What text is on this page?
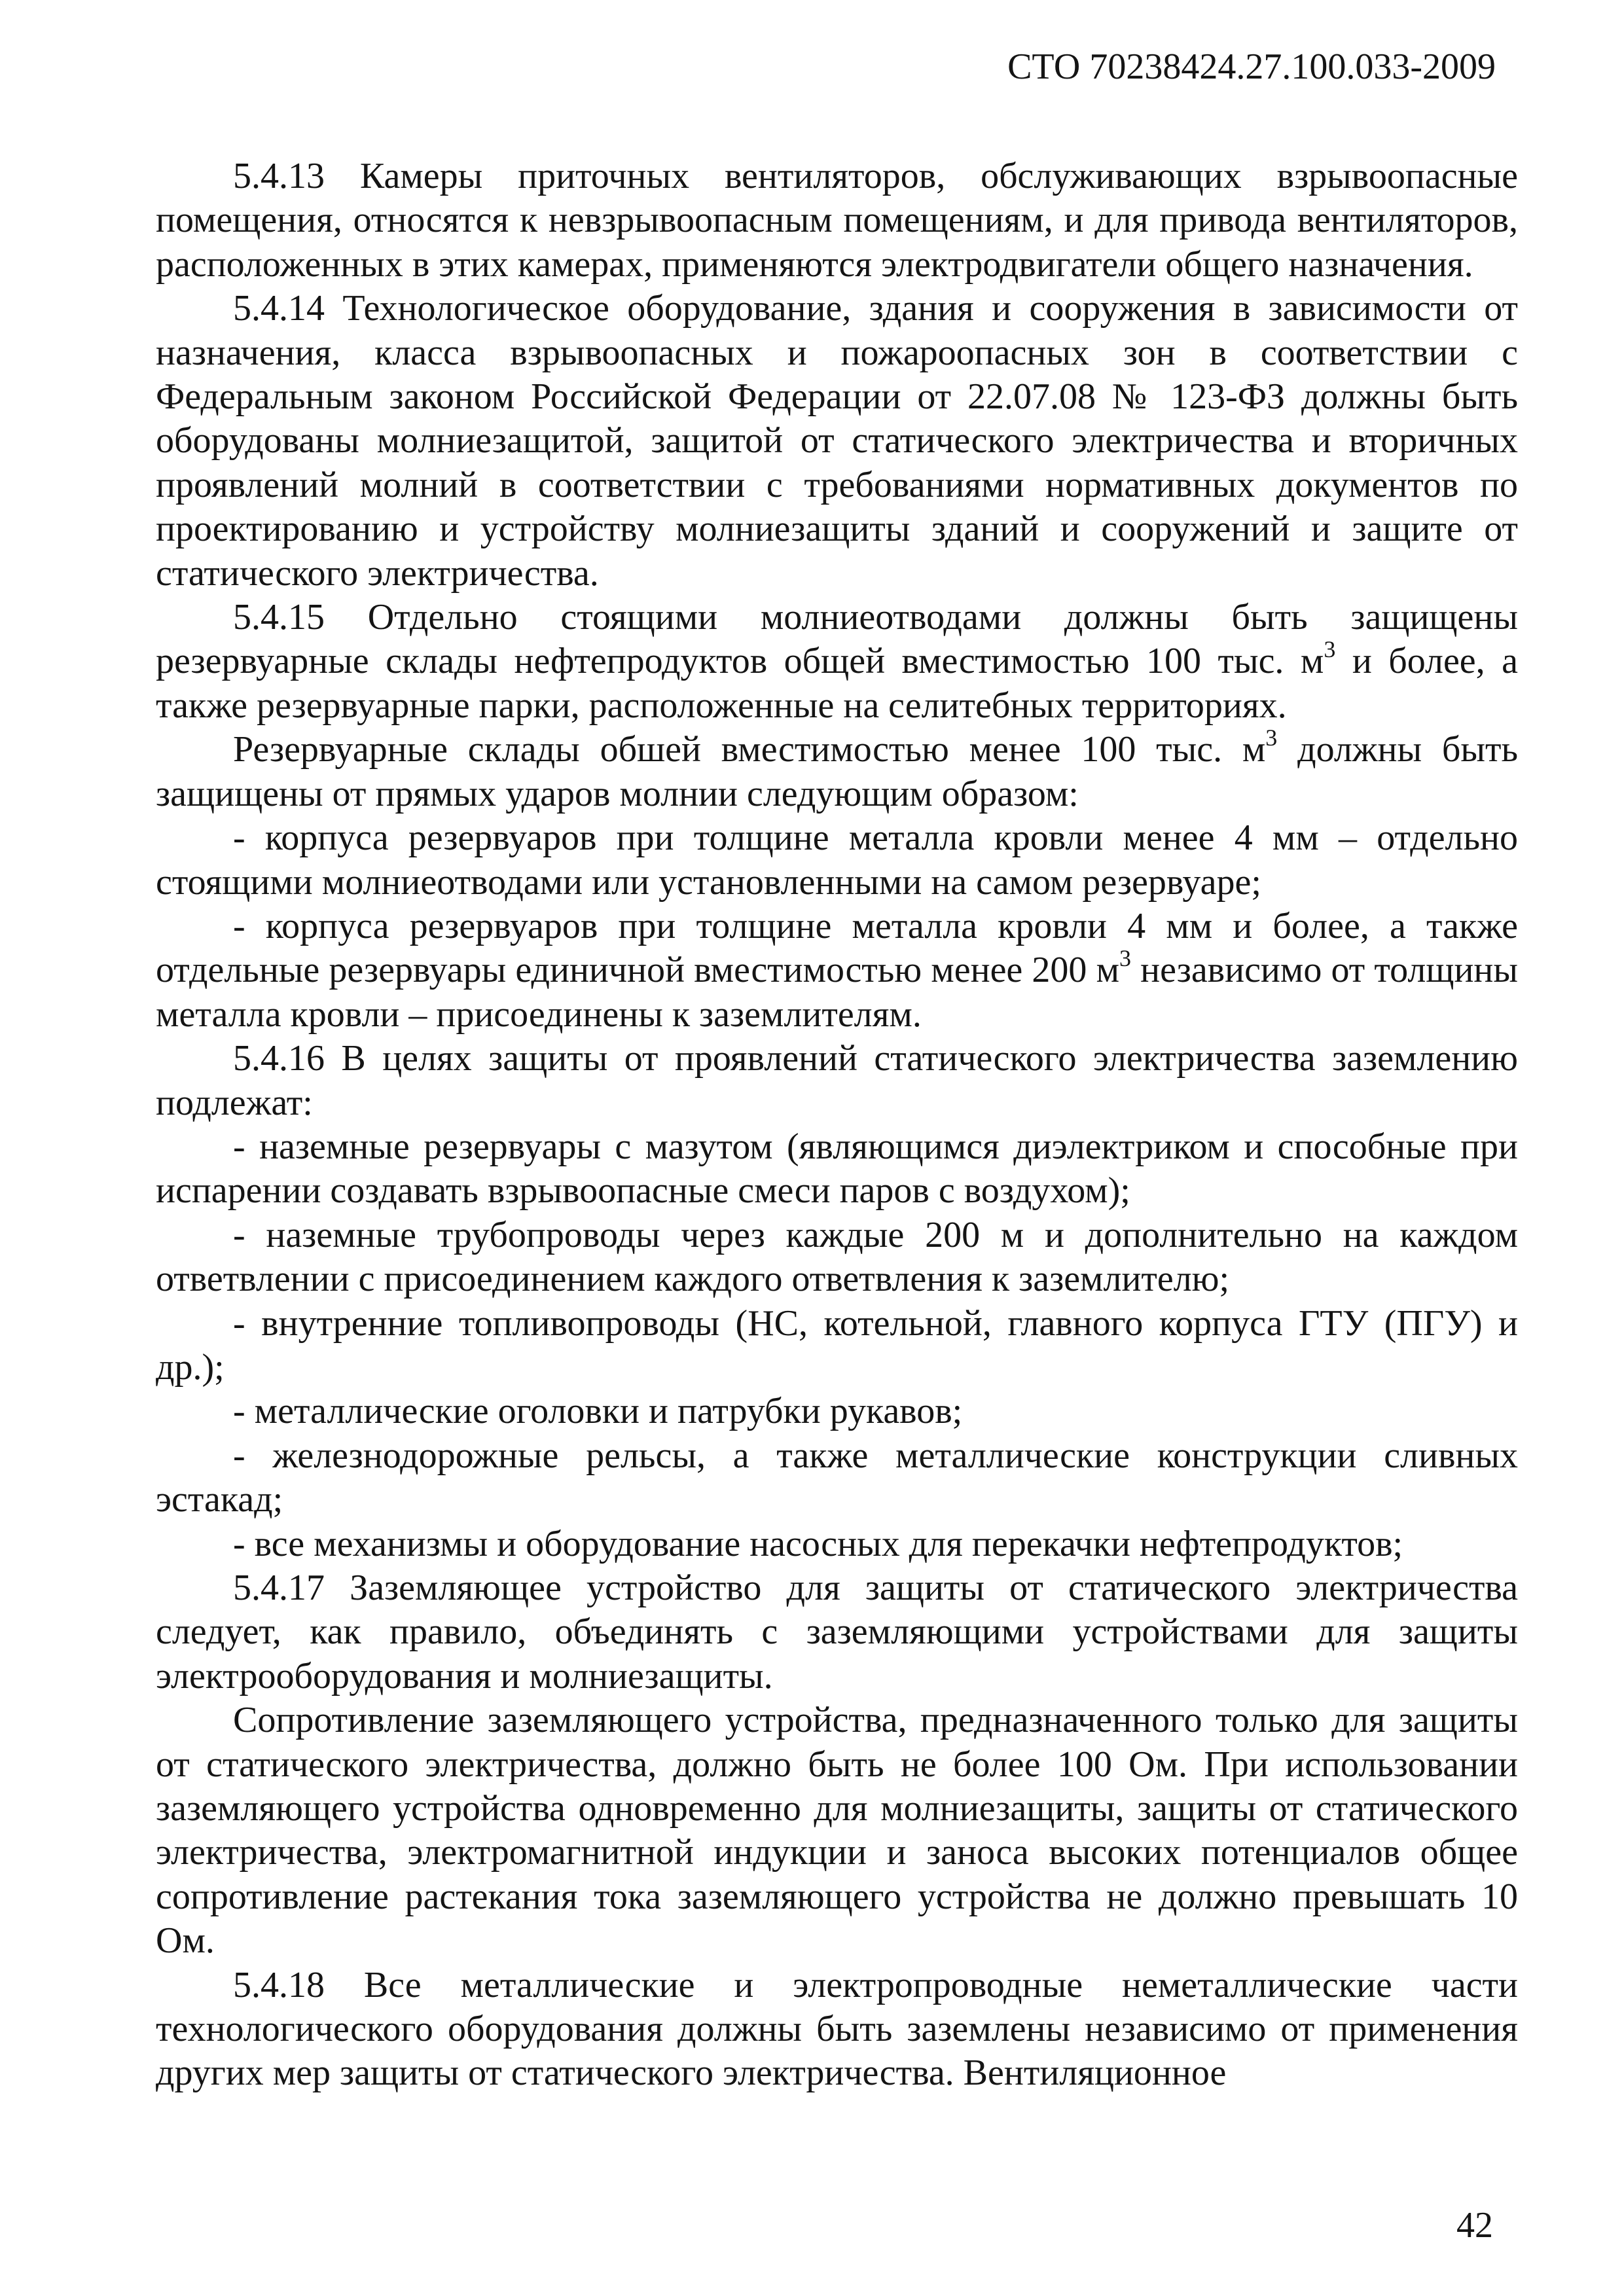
СТО 70238424.27.100.033-2009

5.4.13 Камеры приточных вентиляторов, обслуживающих взрывоопасные помещения, относятся к невзрывоопасным помещениям, и для привода вентиляторов, расположенных в этих камерах, применяются электродвигатели общего назначения.

5.4.14 Технологическое оборудование, здания и сооружения в зависимости от назначения, класса взрывоопасных и пожароопасных зон в соответствии с Федеральным законом Российской Федерации от 22.07.08 № 123-ФЗ должны быть оборудованы молниезащитой, защитой от статического электричества и вторичных проявлений молний в соответствии с требованиями нормативных документов по проектированию и устройству молниезащиты зданий и сооружений и защите от статического электричества.

5.4.15 Отдельно стоящими молниеотводами должны быть защищены резервуарные склады нефтепродуктов общей вместимостью 100 тыс. $м^3$ и более, а также резервуарные парки, расположенные на селитебных территориях.

Резервуарные склады обшей вместимостью менее 100 тыс. $м^3$ должны быть защищены от прямых ударов молнии следующим образом:

- корпуса резервуаров при толщине металла кровли менее 4 мм – отдельно стоящими молниеотводами или установленными на самом резервуаре;

- корпуса резервуаров при толщине металла кровли 4 мм и более, а также отдельные резервуары единичной вместимостью менее 200 $м^3$ независимо от толщины металла кровли – присоединены к заземлителям.

5.4.16 В целях защиты от проявлений статического электричества заземлению подлежат:

- наземные резервуары с мазутом (являющимся диэлектриком и способные при испарении создавать взрывоопасные смеси паров с воздухом);

- наземные трубопроводы через каждые 200 м и дополнительно на каждом ответвлении с присоединением каждого ответвления к заземлителю;

- внутренние топливопроводы (НС, котельной, главного корпуса ГТУ (ПГУ) и др.);

- металлические оголовки и патрубки рукавов;

- железнодорожные рельсы, а также металлические конструкции сливных эстакад;

- все механизмы и оборудование насосных для перекачки нефтепродуктов;

5.4.17 Заземляющее устройство для защиты от статического электричества следует, как правило, объединять с заземляющими устройствами для защиты электрооборудования и молниезащиты.

Сопротивление заземляющего устройства, предназначенного только для защиты от статического электричества, должно быть не более 100 Ом. При использовании заземляющего устройства одновременно для молниезащиты, защиты от статического электричества, электромагнитной индукции и заноса высоких потенциалов общее сопротивление растекания тока заземляющего устройства не должно превышать 10 Ом.

5.4.18 Все металлические и электропроводные неметаллические части технологического оборудования должны быть заземлены независимо от применения других мер защиты от статического электричества. Вентиляционное

42
